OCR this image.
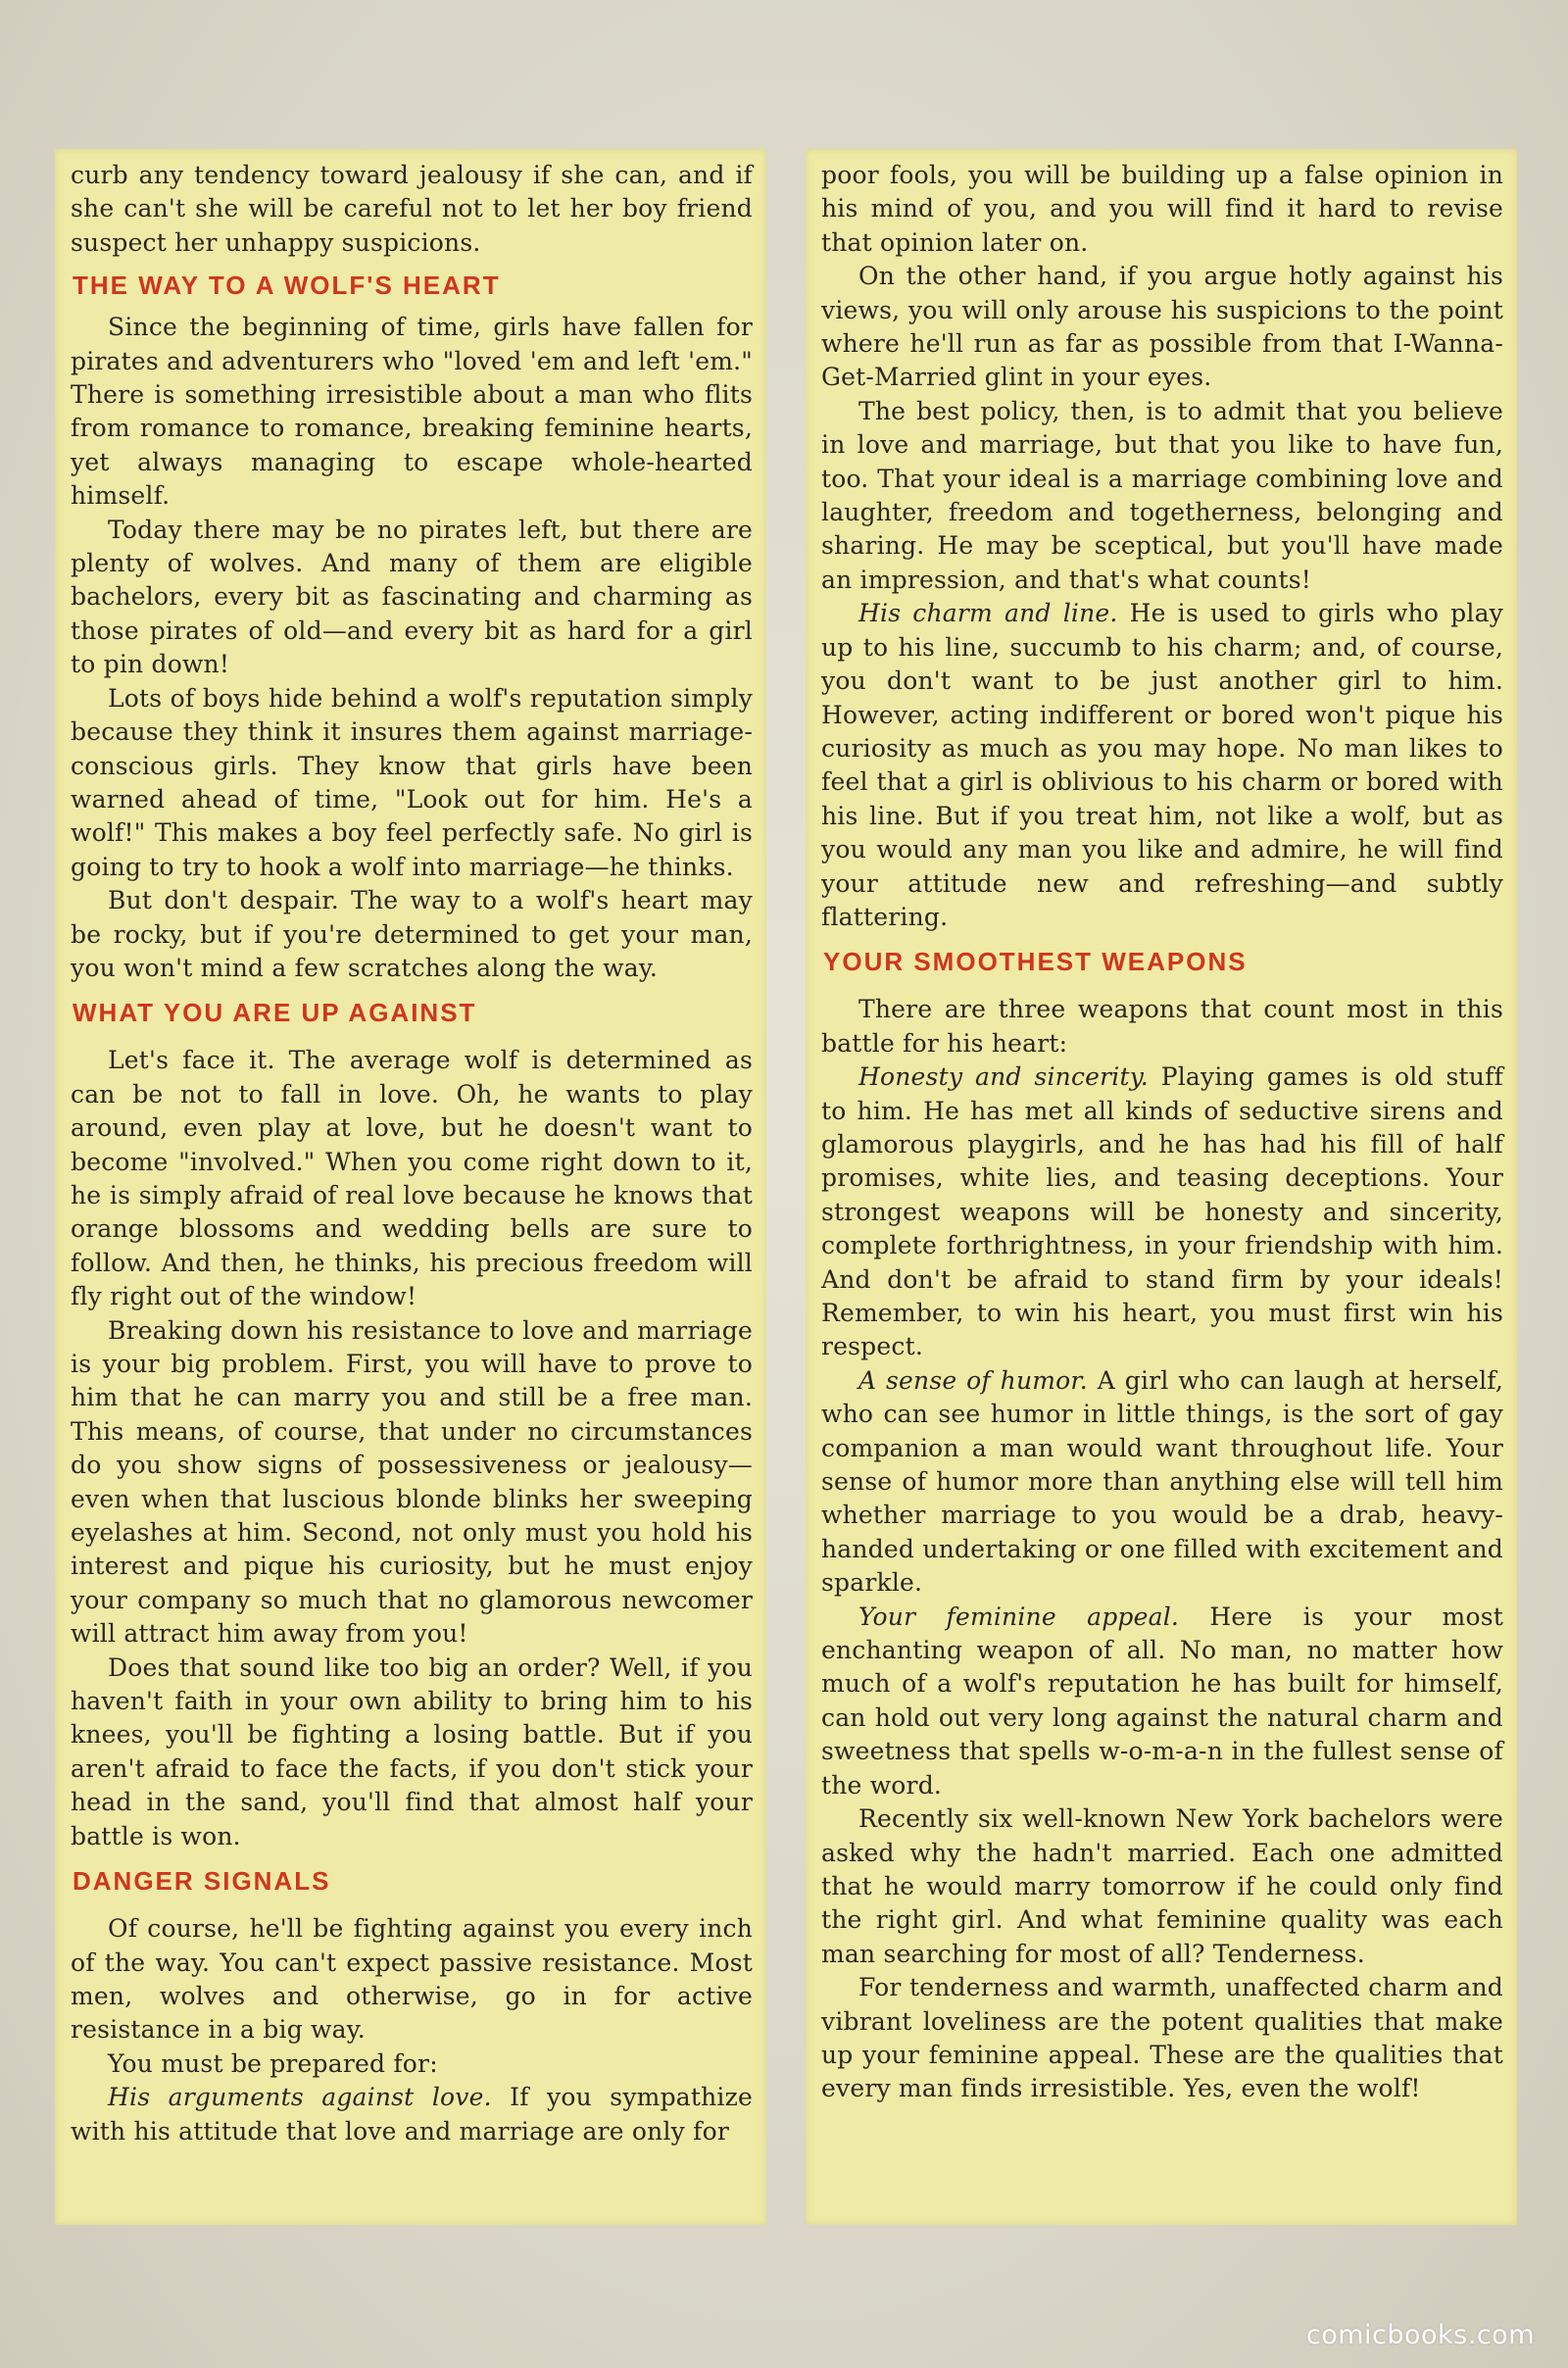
curb any tendency toward jealousy if she can, and if she can't she will be careful not to let her boy friend suspect her unhappy suspicions.

THE WAY TO A WOLF'S HEART

Since the beginning of time, girls have fallen for pirates and adventurers who "loved 'em and left 'em." There is something irresistible about a man who flits from romance to romance, breaking feminine hearts, yet always managing to escape whole-hearted himself.

Today there may be no pirates left, but there are plenty of wolves. And many of them are eligible bachelors, every bit as fascinating and charming as those pirates of old—and every bit as hard for a girl to pin down!

Lots of boys hide behind a wolf's reputation simply because they think it insures them against marriage-conscious girls. They know that girls have been warned ahead of time, "Look out for him. He's a wolf!" This makes a boy feel perfectly safe. No girl is going to try to hook a wolf into marriage—he thinks.

But don't despair. The way to a wolf's heart may be rocky, but if you're determined to get your man, you won't mind a few scratches along the way.

WHAT YOU ARE UP AGAINST

Let's face it. The average wolf is determined as can be not to fall in love. Oh, he wants to play around, even play at love, but he doesn't want to become "involved." When you come right down to it, he is simply afraid of real love because he knows that orange blossoms and wedding bells are sure to follow. And then, he thinks, his precious freedom will fly right out of the window!

Breaking down his resistance to love and marriage is your big problem. First, you will have to prove to him that he can marry you and still be a free man. This means, of course, that under no circumstances do you show signs of possessiveness or jealousy—even when that luscious blonde blinks her sweeping eyelashes at him. Second, not only must you hold his interest and pique his curiosity, but he must enjoy your company so much that no glamorous newcomer will attract him away from you!

Does that sound like too big an order? Well, if you haven't faith in your own ability to bring him to his knees, you'll be fighting a losing battle. But if you aren't afraid to face the facts, if you don't stick your head in the sand, you'll find that almost half your battle is won.

DANGER SIGNALS

Of course, he'll be fighting against you every inch of the way. You can't expect passive resistance. Most men, wolves and otherwise, go in for active resistance in a big way.

You must be prepared for:

His arguments against love. If you sympathize with his attitude that love and marriage are only for

poor fools, you will be building up a false opinion in his mind of you, and you will find it hard to revise that opinion later on.

On the other hand, if you argue hotly against his views, you will only arouse his suspicions to the point where he'll run as far as possible from that I-Wanna-Get-Married glint in your eyes.

The best policy, then, is to admit that you believe in love and marriage, but that you like to have fun, too. That your ideal is a marriage combining love and laughter, freedom and togetherness, belonging and sharing. He may be sceptical, but you'll have made an impression, and that's what counts!

His charm and line. He is used to girls who play up to his line, succumb to his charm; and, of course, you don't want to be just another girl to him. However, acting indifferent or bored won't pique his curiosity as much as you may hope. No man likes to feel that a girl is oblivious to his charm or bored with his line. But if you treat him, not like a wolf, but as you would any man you like and admire, he will find your attitude new and refreshing—and subtly flattering.

YOUR SMOOTHEST WEAPONS

There are three weapons that count most in this battle for his heart:

Honesty and sincerity. Playing games is old stuff to him. He has met all kinds of seductive sirens and glamorous playgirls, and he has had his fill of half promises, white lies, and teasing deceptions. Your strongest weapons will be honesty and sincerity, complete forthrightness, in your friendship with him. And don't be afraid to stand firm by your ideals! Remember, to win his heart, you must first win his respect.

A sense of humor. A girl who can laugh at herself, who can see humor in little things, is the sort of gay companion a man would want throughout life. Your sense of humor more than anything else will tell him whether marriage to you would be a drab, heavy-handed undertaking or one filled with excitement and sparkle.

Your feminine appeal. Here is your most enchanting weapon of all. No man, no matter how much of a wolf's reputation he has built for himself, can hold out very long against the natural charm and sweetness that spells w-o-m-a-n in the fullest sense of the word.

Recently six well-known New York bachelors were asked why the hadn't married. Each one admitted that he would marry tomorrow if he could only find the right girl. And what feminine quality was each man searching for most of all? Tenderness.

For tenderness and warmth, unaffected charm and vibrant loveliness are the potent qualities that make up your feminine appeal. These are the qualities that every man finds irresistible. Yes, even the wolf!

comicbooks.com
